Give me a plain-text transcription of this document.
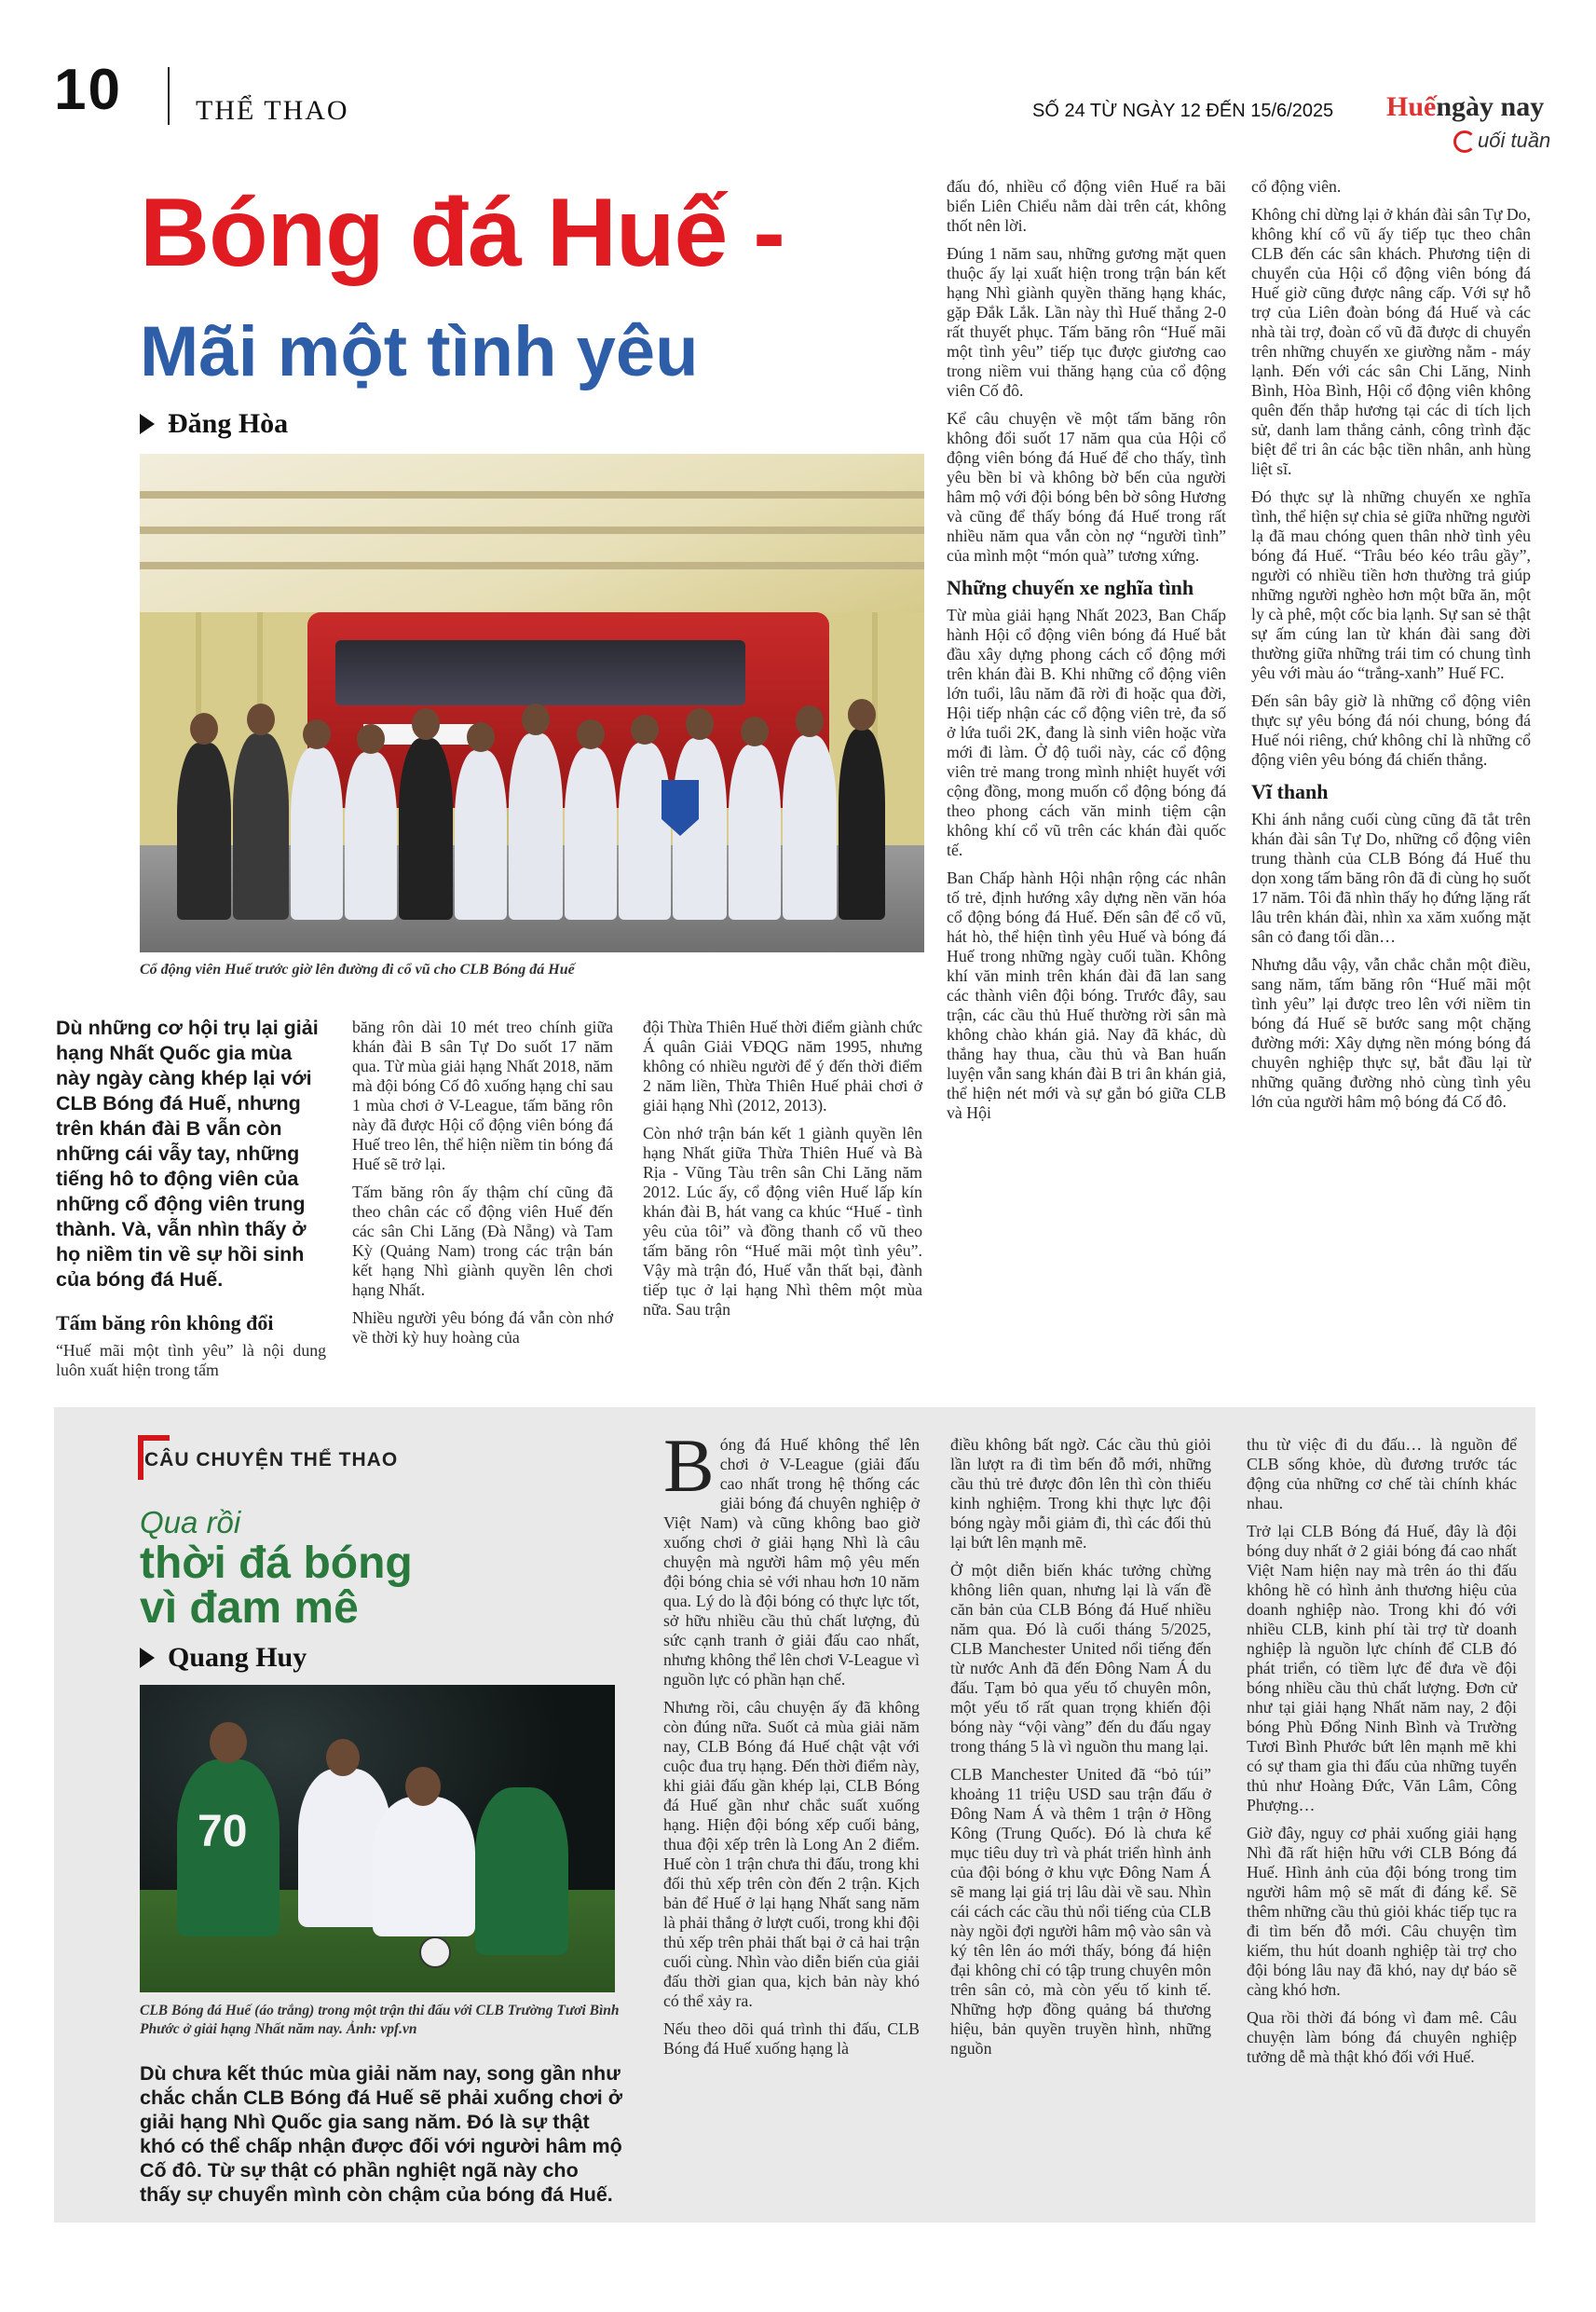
10	THỂ THAO	SỐ 24 TỪ NGÀY 12 ĐẾN 15/6/2025 Huếngày nay
uối tuần
Bóng đá Huế -
Mãi một tình yêu
Đăng Hòa
Cổ động viên Huế trước giờ lên đường đi cổ vũ cho CLB Bóng đá Huế

Dù những cơ hội trụ lại giải hạng Nhất Quốc gia mùa này ngày càng khép lại với CLB Bóng đá Huế, nhưng trên khán đài B vẫn còn những cái vẫy tay, những tiếng hô to động viên của những cổ động viên trung thành. Và, vẫn nhìn thấy ở họ niềm tin về sự hồi sinh của bóng đá Huế.

Tấm băng rôn không đổi

“Huế mãi một tình yêu” là nội dung luôn xuất hiện trong tấm

băng rôn dài 10 mét treo chính giữa khán đài B sân Tự Do suốt 17 năm qua. Từ mùa giải hạng Nhất 2018, năm mà đội bóng Cố đô xuống hạng chỉ sau 1 mùa chơi ở V-League, tấm băng rôn này đã được Hội cổ động viên bóng đá Huế treo lên, thể hiện niềm tin bóng đá Huế sẽ trở lại.

Tấm băng rôn ấy thậm chí cũng đã theo chân các cổ động viên Huế đến các sân Chi Lăng (Đà Nẵng) và Tam Kỳ (Quảng Nam) trong các trận bán kết hạng Nhì giành quyền lên chơi hạng Nhất.

Nhiều người yêu bóng đá vẫn còn nhớ về thời kỳ huy hoàng của

đội Thừa Thiên Huế thời điểm giành chức Á quân Giải VĐQG năm 1995, nhưng không có nhiều người để ý đến thời điểm 2 năm liền, Thừa Thiên Huế phải chơi ở giải hạng Nhì (2012, 2013).

Còn nhớ trận bán kết 1 giành quyền lên hạng Nhất giữa Thừa Thiên Huế và Bà Rịa - Vũng Tàu trên sân Chi Lăng năm 2012. Lúc ấy, cổ động viên Huế lấp kín khán đài B, hát vang ca khúc “Huế - tình yêu của tôi” và đồng thanh cổ vũ theo tấm băng rôn “Huế mãi một tình yêu”. Vậy mà trận đó, Huế vẫn thất bại, đành tiếp tục ở lại hạng Nhì thêm một mùa nữa. Sau trận

đấu đó, nhiều cổ động viên Huế ra bãi biển Liên Chiểu nằm dài trên cát, không thốt nên lời.

Đúng 1 năm sau, những gương mặt quen thuộc ấy lại xuất hiện trong trận bán kết hạng Nhì giành quyền thăng hạng khác, gặp Đắk Lắk. Lần này thì Huế thắng 2-0 rất thuyết phục. Tấm băng rôn “Huế mãi một tình yêu” tiếp tục được giương cao trong niềm vui thăng hạng của cổ động viên Cố đô.

Kể câu chuyện về một tấm băng rôn không đổi suốt 17 năm qua của Hội cổ động viên bóng đá Huế để cho thấy, tình yêu bền bỉ và không bờ bến của người hâm mộ với đội bóng bên bờ sông Hương và cũng để thấy bóng đá Huế trong rất nhiều năm qua vẫn còn nợ “người tình” của mình một “món quà” tương xứng.

Những chuyến xe nghĩa tình

Từ mùa giải hạng Nhất 2023, Ban Chấp hành Hội cổ động viên bóng đá Huế bắt đầu xây dựng phong cách cổ động mới trên khán đài B. Khi những cổ động viên lớn tuổi, lâu năm đã rời đi hoặc qua đời, Hội tiếp nhận các cổ động viên trẻ, đa số ở lứa tuổi 2K, đang là sinh viên hoặc vừa mới đi làm. Ở độ tuổi này, các cổ động viên trẻ mang trong mình nhiệt huyết với cộng đồng, mong muốn cổ động bóng đá theo phong cách văn minh tiệm cận không khí cổ vũ trên các khán đài quốc tế.

Ban Chấp hành Hội nhận rộng các nhân tố trẻ, định hướng xây dựng nền văn hóa cổ động bóng đá Huế. Đến sân để cổ vũ, hát hò, thể hiện tình yêu Huế và bóng đá Huế trong những ngày cuối tuần. Không khí văn minh trên khán đài đã lan sang các thành viên đội bóng. Trước đây, sau trận, các cầu thủ Huế thường rời sân mà không chào khán giả. Nay đã khác, dù thắng hay thua, cầu thủ và Ban huấn luyện vẫn sang khán đài B tri ân khán giả, thể hiện nét mới và sự gắn bó giữa CLB và Hội

cổ động viên.

Không chỉ dừng lại ở khán đài sân Tự Do, không khí cổ vũ ấy tiếp tục theo chân CLB đến các sân khách. Phương tiện di chuyển của Hội cổ động viên bóng đá Huế giờ cũng được nâng cấp. Với sự hỗ trợ của Liên đoàn bóng đá Huế và các nhà tài trợ, đoàn cổ vũ đã được di chuyển trên những chuyến xe giường nằm - máy lạnh. Đến với các sân Chi Lăng, Ninh Bình, Hòa Bình, Hội cổ động viên không quên đến thắp hương tại các di tích lịch sử, danh lam thắng cảnh, công trình đặc biệt để tri ân các bậc tiền nhân, anh hùng liệt sĩ.

Đó thực sự là những chuyến xe nghĩa tình, thể hiện sự chia sẻ giữa những người lạ đã mau chóng quen thân nhờ tình yêu bóng đá Huế. “Trâu béo kéo trâu gầy”, người có nhiều tiền hơn thường trả giúp những người nghèo hơn một bữa ăn, một ly cà phê, một cốc bia lạnh. Sự san sẻ thật sự ấm cúng lan từ khán đài sang đời thường giữa những trái tim có chung tình yêu với màu áo “trắng-xanh” Huế FC.

Đến sân bây giờ là những cổ động viên thực sự yêu bóng đá nói chung, bóng đá Huế nói riêng, chứ không chỉ là những cổ động viên yêu bóng đá chiến thắng.

Vĩ thanh

Khi ánh nắng cuối cùng cũng đã tắt trên khán đài sân Tự Do, những cổ động viên trung thành của CLB Bóng đá Huế thu dọn xong tấm băng rôn đã đi cùng họ suốt 17 năm. Tôi đã nhìn thấy họ đứng lặng rất lâu trên khán đài, nhìn xa xăm xuống mặt sân cỏ đang tối dần…

Nhưng dẫu vậy, vẫn chắc chắn một điều, sang năm, tấm băng rôn “Huế mãi một tình yêu” lại được treo lên với niềm tin bóng đá Huế sẽ bước sang một chặng đường mới: Xây dựng nền móng bóng đá chuyên nghiệp thực sự, bắt đầu lại từ những quãng đường nhỏ cùng tình yêu lớn của người hâm mộ bóng đá Cố đô.

CÂU CHUYỆN THỂ THAO
Qua rồi
thời đá bóng
vì đam mê
Quang Huy
70
CLB Bóng đá Huế (áo trắng) trong một trận thi đấu với CLB Trường Tươi Bình Phước ở giải hạng Nhất năm nay. Ảnh: vpf.vn
Dù chưa kết thúc mùa giải năm nay, song gần như chắc chắn CLB Bóng đá Huế sẽ phải xuống chơi ở giải hạng Nhì Quốc gia sang năm. Đó là sự thật khó có thể chấp nhận được đối với người hâm mộ Cố đô. Từ sự thật có phần nghiệt ngã này cho thấy sự chuyển mình còn chậm của bóng đá Huế.

Bóng đá Huế không thể lên chơi ở V-League (giải đấu cao nhất trong hệ thống các giải bóng đá chuyên nghiệp ở Việt Nam) và cũng không bao giờ xuống chơi ở giải hạng Nhì là câu chuyện mà người hâm mộ yêu mến đội bóng chia sẻ với nhau hơn 10 năm qua. Lý do là đội bóng có thực lực tốt, sở hữu nhiều cầu thủ chất lượng, đủ sức cạnh tranh ở giải đấu cao nhất, nhưng không thể lên chơi V-League vì nguồn lực có phần hạn chế.

Nhưng rồi, câu chuyện ấy đã không còn đúng nữa. Suốt cả mùa giải năm nay, CLB Bóng đá Huế chật vật với cuộc đua trụ hạng. Đến thời điểm này, khi giải đấu gần khép lại, CLB Bóng đá Huế gần như chắc suất xuống hạng. Hiện đội bóng xếp cuối bảng, thua đội xếp trên là Long An 2 điểm. Huế còn 1 trận chưa thi đấu, trong khi đối thủ xếp trên còn đến 2 trận. Kịch bản để Huế ở lại hạng Nhất sang năm là phải thắng ở lượt cuối, trong khi đội thủ xếp trên phải thất bại ở cả hai trận cuối cùng. Nhìn vào diễn biến của giải đấu thời gian qua, kịch bản này khó có thể xảy ra.

Nếu theo dõi quá trình thi đấu, CLB Bóng đá Huế xuống hạng là

điều không bất ngờ. Các cầu thủ giỏi lần lượt ra đi tìm bến đỗ mới, những cầu thủ trẻ được đôn lên thì còn thiếu kinh nghiệm. Trong khi thực lực đội bóng ngày mỗi giảm đi, thì các đối thủ lại bứt lên mạnh mẽ.

Ở một diễn biến khác tưởng chừng không liên quan, nhưng lại là vấn đề căn bản của CLB Bóng đá Huế nhiều năm qua. Đó là cuối tháng 5/2025, CLB Manchester United nổi tiếng đến từ nước Anh đã đến Đông Nam Á du đấu. Tạm bỏ qua yếu tố chuyên môn, một yếu tố rất quan trọng khiến đội bóng này “vội vàng” đến du đấu ngay trong tháng 5 là vì nguồn thu mang lại.

CLB Manchester United đã “bỏ túi” khoảng 11 triệu USD sau trận đấu ở Đông Nam Á và thêm 1 trận ở Hồng Kông (Trung Quốc). Đó là chưa kể mục tiêu duy trì và phát triển hình ảnh của đội bóng ở khu vực Đông Nam Á sẽ mang lại giá trị lâu dài về sau. Nhìn cái cách các cầu thủ nổi tiếng của CLB này ngồi đợi người hâm mộ vào sân và ký tên lên áo mới thấy, bóng đá hiện đại không chỉ có tập trung chuyên môn trên sân cỏ, mà còn yếu tố kinh tế. Những hợp đồng quảng bá thương hiệu, bản quyền truyền hình, những nguồn

thu từ việc đi du đấu… là nguồn để CLB sống khỏe, dù đương trước tác động của những cơ chế tài chính khác nhau.

Trở lại CLB Bóng đá Huế, đây là đội bóng duy nhất ở 2 giải bóng đá cao nhất Việt Nam hiện nay mà trên áo thi đấu không hề có hình ảnh thương hiệu của doanh nghiệp nào. Trong khi đó với nhiều CLB, kinh phí tài trợ từ doanh nghiệp là nguồn lực chính để CLB đó phát triển, có tiềm lực để đưa về đội bóng nhiều cầu thủ chất lượng. Đơn cử như tại giải hạng Nhất năm nay, 2 đội bóng Phù Đổng Ninh Bình và Trường Tươi Bình Phước bứt lên mạnh mẽ khi có sự tham gia thi đấu của những tuyển thủ như Hoàng Đức, Văn Lâm, Công Phượng…

Giờ đây, nguy cơ phải xuống giải hạng Nhì đã rất hiện hữu với CLB Bóng đá Huế. Hình ảnh của đội bóng trong tim người hâm mộ sẽ mất đi đáng kể. Sẽ thêm những cầu thủ giỏi khác tiếp tục ra đi tìm bến đỗ mới. Câu chuyện tìm kiếm, thu hút doanh nghiệp tài trợ cho đội bóng lâu nay đã khó, nay dự báo sẽ càng khó hơn.

Qua rồi thời đá bóng vì đam mê. Câu chuyện làm bóng đá chuyên nghiệp tưởng dễ mà thật khó đối với Huế.
